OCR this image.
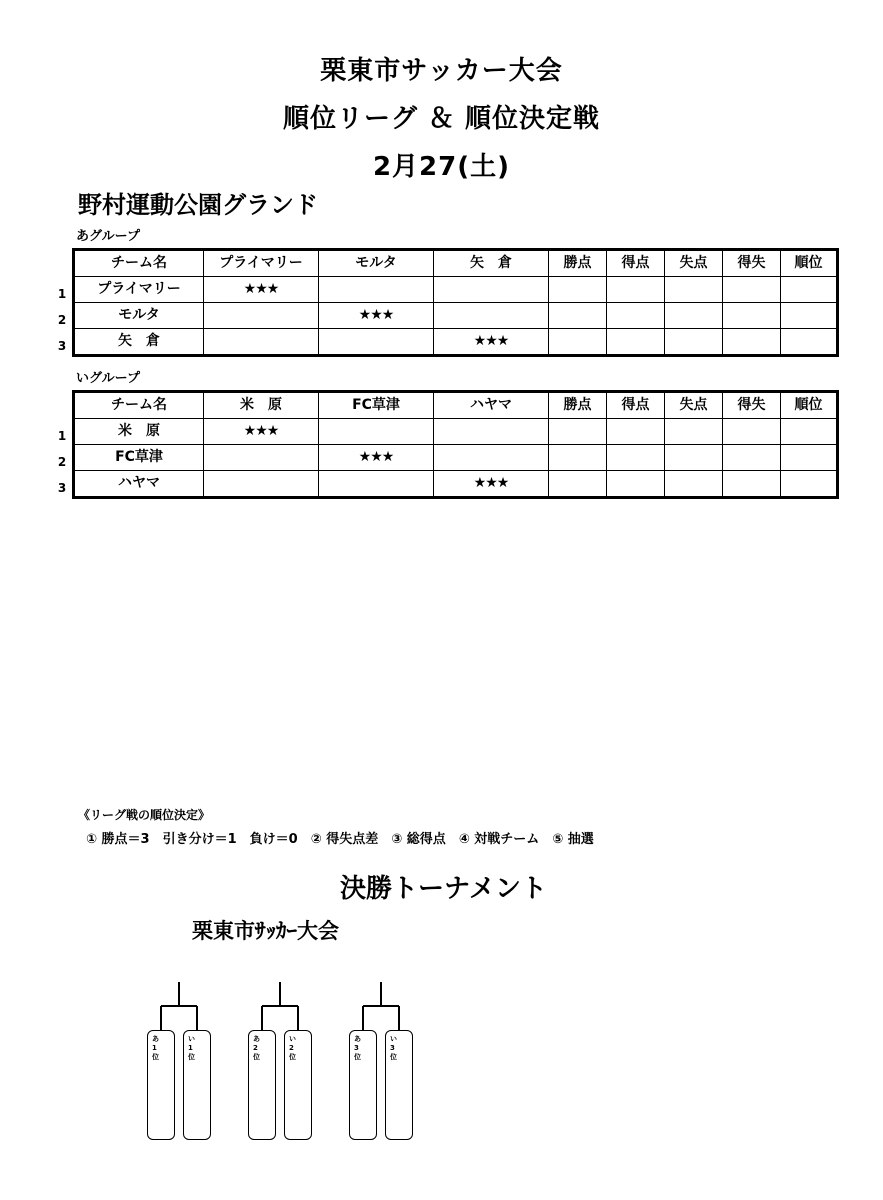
栗東市サッカー大会
順位リーグ ＆ 順位決定戦
2月27(土)
野村運動公園グランド
あグループ
チーム名	プライマリー	モルタ	矢　倉	勝点	得点	失点	得失	順位
プライマリー	★★★							
モルタ		★★★						
矢　倉			★★★					
1
2
3
いグループ
チーム名	米　原	FC草津	ハヤマ	勝点	得点	失点	得失	順位
米　原	★★★							
FC草津		★★★						
ハヤマ			★★★					
1
2
3
《リーグ戦の順位決定》
① 勝点＝3　引き分け＝1　負け＝0　② 得失点差　③ 総得点　④ 対戦チーム　⑤ 抽選
決勝トーナメント
栗東市ｻｯｶｰ大会
あ1位
い1位
あ2位
い2位
あ3位
い3位
